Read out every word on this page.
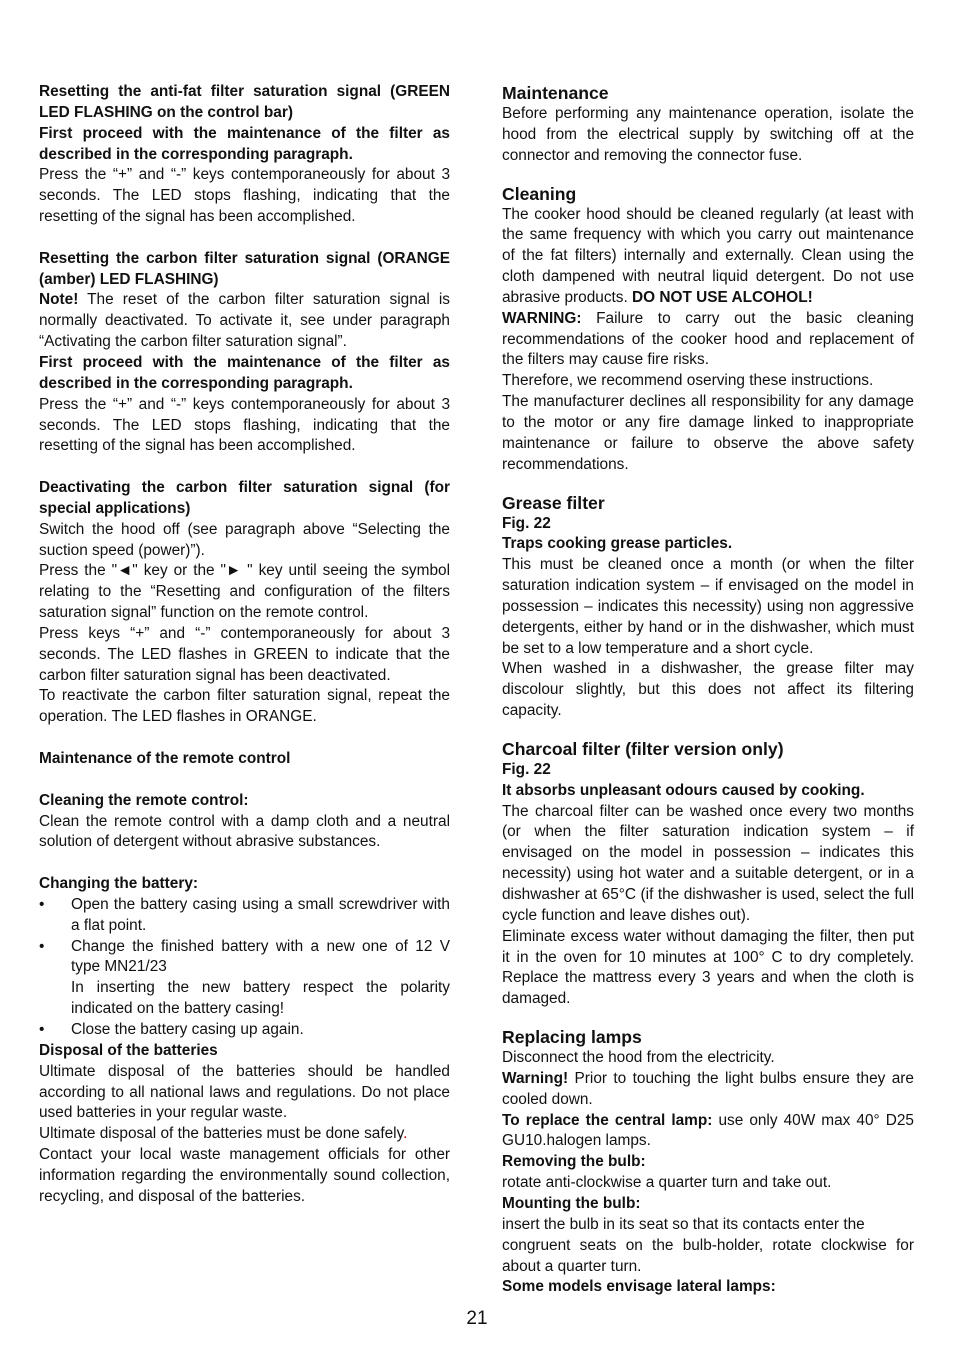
Resetting the anti-fat filter saturation signal (GREEN LED FLASHING on the control bar)

First proceed with the maintenance of the filter as described in the corresponding paragraph.

Press the “+” and “-” keys contemporaneously for about 3 seconds. The LED stops flashing, indicating that the resetting of the signal has been accomplished.

Resetting the carbon filter saturation signal (ORANGE (amber) LED FLASHING)

Note! The reset of the carbon filter saturation signal is normally deactivated. To activate it, see under paragraph “Activating the carbon filter saturation signal”.

First proceed with the maintenance of the filter as described in the corresponding paragraph.

Press the “+” and “-” keys contemporaneously for about 3 seconds. The LED stops flashing, indicating that the resetting of the signal has been accomplished.

Deactivating the carbon filter saturation signal (for special applications)

Switch the hood off (see paragraph above “Selecting the suction speed (power)”).

Press the "◄" key or the "► " key until seeing the symbol relating to the “Resetting and configuration of the filters saturation signal” function on the remote control.

Press keys “+” and “-” contemporaneously for about 3 seconds. The LED flashes in GREEN to indicate that the carbon filter saturation signal has been deactivated.

To reactivate the carbon filter saturation signal, repeat the operation. The LED flashes in ORANGE.

Maintenance of the remote control

Cleaning the remote control:

Clean the remote control with a damp cloth and a neutral solution of detergent without abrasive substances.

Changing the battery:

• Open the battery casing using a small screwdriver with a flat point.
• Change the finished battery with a new one of 12 V type MN21/23

In inserting the new battery respect the polarity indicated on the battery casing!

• Close the battery casing up again.

Disposal of the batteries

Ultimate disposal of the batteries should be handled according to all national laws and regulations. Do not place used batteries in your regular waste.

Ultimate disposal of the batteries must be done safely.

Contact your local waste management officials for other information regarding the environmentally sound collection, recycling, and disposal of the batteries.

Maintenance

Before performing any maintenance operation, isolate the hood from the electrical supply by switching off at the connector and removing the connector fuse.

Cleaning

The cooker hood should be cleaned regularly (at least with the same frequency with which you carry out maintenance of the fat filters) internally and externally. Clean using the cloth dampened with neutral liquid detergent. Do not use abrasive products. DO NOT USE ALCOHOL!

WARNING: Failure to carry out the basic cleaning recommendations of the cooker hood and replacement of the filters may cause fire risks.

Therefore, we recommend oserving these instructions.

The manufacturer declines all responsibility for any damage to the motor or any fire damage linked to inappropriate maintenance or failure to observe the above safety recommendations.

Grease filter

Fig. 22

Traps cooking grease particles.

This must be cleaned once a month (or when the filter saturation indication system – if envisaged on the model in possession – indicates this necessity) using non aggressive detergents, either by hand or in the dishwasher, which must be set to a low temperature and a short cycle.

When washed in a dishwasher, the grease filter may discolour slightly, but this does not affect its filtering capacity.

Charcoal filter (filter version only)

Fig. 22

It absorbs unpleasant odours caused by cooking.

The charcoal filter can be washed once every two months (or when the filter saturation indication system – if envisaged on the model in possession – indicates this necessity) using hot water and a suitable detergent, or in a dishwasher at 65°C (if the dishwasher is used, select the full cycle function and leave dishes out).

Eliminate excess water without damaging the filter, then put it in the oven for 10 minutes at 100° C to dry completely. Replace the mattress every 3 years and when the cloth is damaged.

Replacing lamps

Disconnect the hood from the electricity.

Warning! Prior to touching the light bulbs ensure they are cooled down.

To replace the central lamp: use only 40W max 40° D25 GU10.halogen lamps.

Removing the bulb:

rotate anti-clockwise a quarter turn and take out.

Mounting the bulb:

insert the bulb in its seat so that its contacts enter the

congruent seats on the bulb-holder, rotate clockwise for about a quarter turn.

Some models envisage lateral lamps:

21
